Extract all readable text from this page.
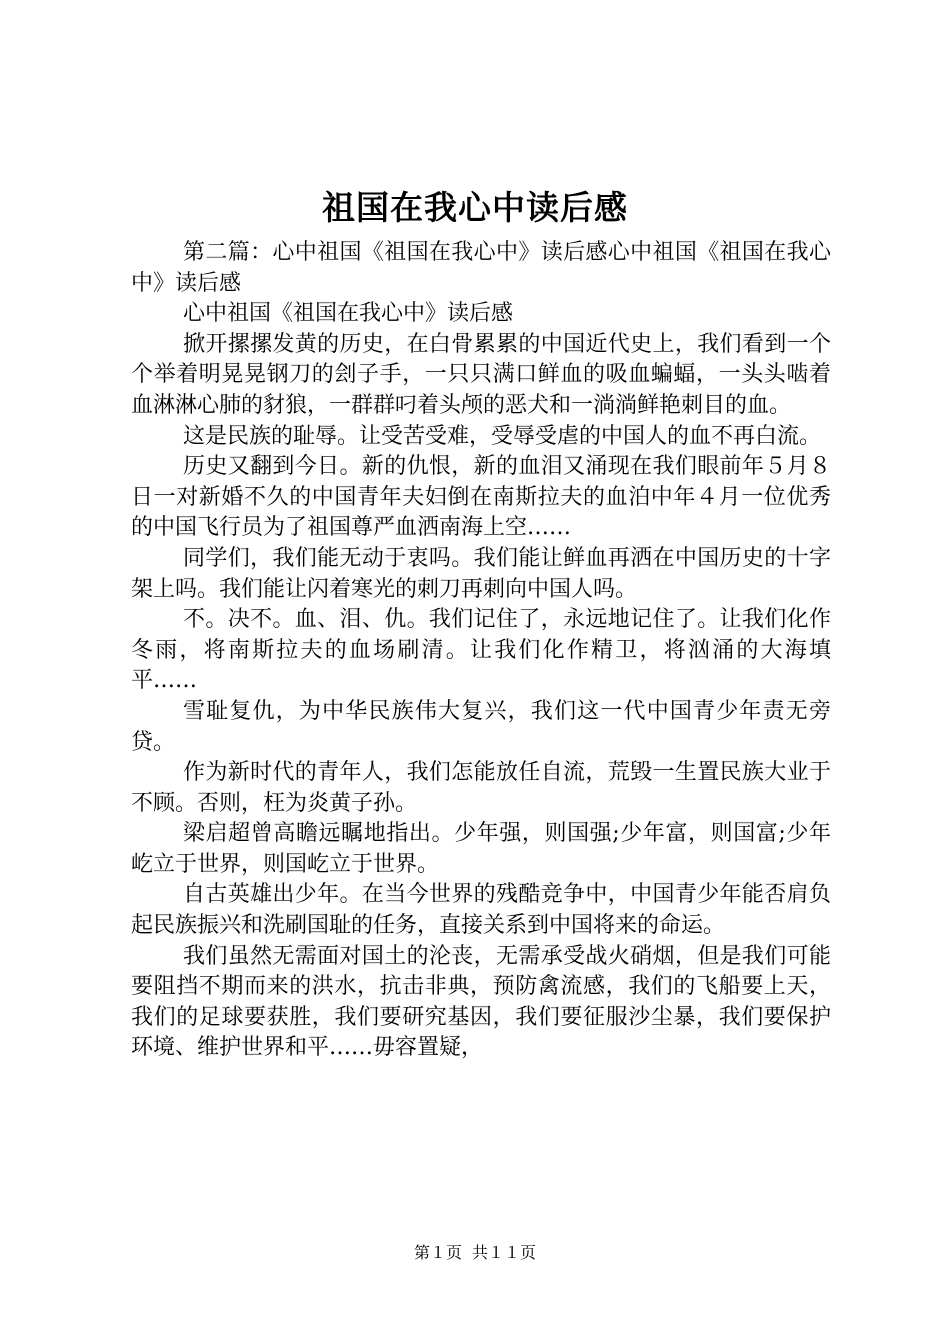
祖国在我心中读后感

第二篇：心中祖国《祖国在我心中》读后感心中祖国《祖国在我心中》读后感

心中祖国《祖国在我心中》读后感

掀开摞摞发黄的历史，在白骨累累的中国近代史上，我们看到一个个举着明晃晃钢刀的刽子手，一只只满口鲜血的吸血蝙蝠，一头头啮着血淋淋心肺的豺狼，一群群叼着头颅的恶犬和一淌淌鲜艳刺目的血。

这是民族的耻辱。让受苦受难，受辱受虐的中国人的血不再白流。

历史又翻到今日。新的仇恨，新的血泪又涌现在我们眼前年５月８日一对新婚不久的中国青年夫妇倒在南斯拉夫的血泊中年４月一位优秀的中国飞行员为了祖国尊严血洒南海上空……

同学们，我们能无动于衷吗。我们能让鲜血再洒在中国历史的十字架上吗。我们能让闪着寒光的刺刀再刺向中国人吗。

不。决不。血、泪、仇。我们记住了，永远地记住了。让我们化作冬雨，将南斯拉夫的血场刷清。让我们化作精卫，将汹涌的大海填平……

雪耻复仇，为中华民族伟大复兴，我们这一代中国青少年责无旁贷。

作为新时代的青年人，我们怎能放任自流，荒毁一生置民族大业于不顾。否则，枉为炎黄子孙。

梁启超曾高瞻远瞩地指出。少年强，则国强;少年富，则国富;少年屹立于世界，则国屹立于世界。

自古英雄出少年。在当今世界的残酷竞争中，中国青少年能否肩负起民族振兴和洗刷国耻的任务，直接关系到中国将来的命运。

我们虽然无需面对国土的沦丧，无需承受战火硝烟，但是我们可能要阻挡不期而来的洪水，抗击非典，预防禽流感，我们的飞船要上天，我们的足球要获胜，我们要研究基因，我们要征服沙尘暴，我们要保护环境、维护世界和平……毋容置疑，

第１页 共１１页
